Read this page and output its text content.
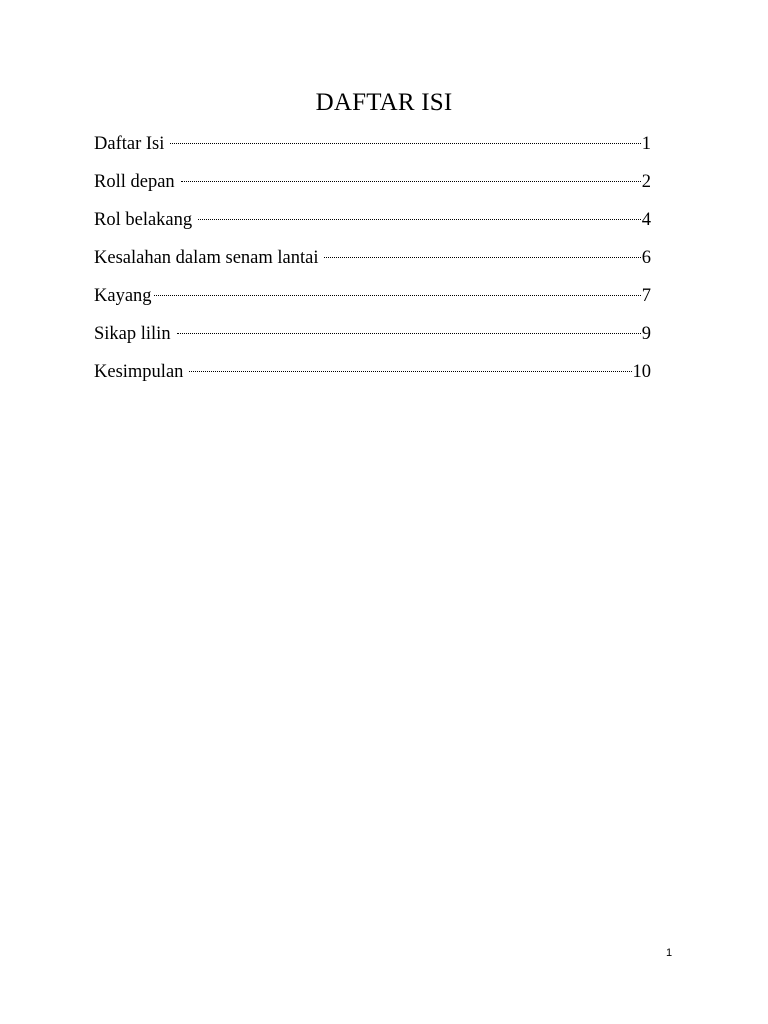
DAFTAR ISI
Daftar Isi	1
Roll depan	2
Rol belakang	4
Kesalahan dalam senam lantai	6
Kayang	7
Sikap lilin	9
Kesimpulan	10
1
